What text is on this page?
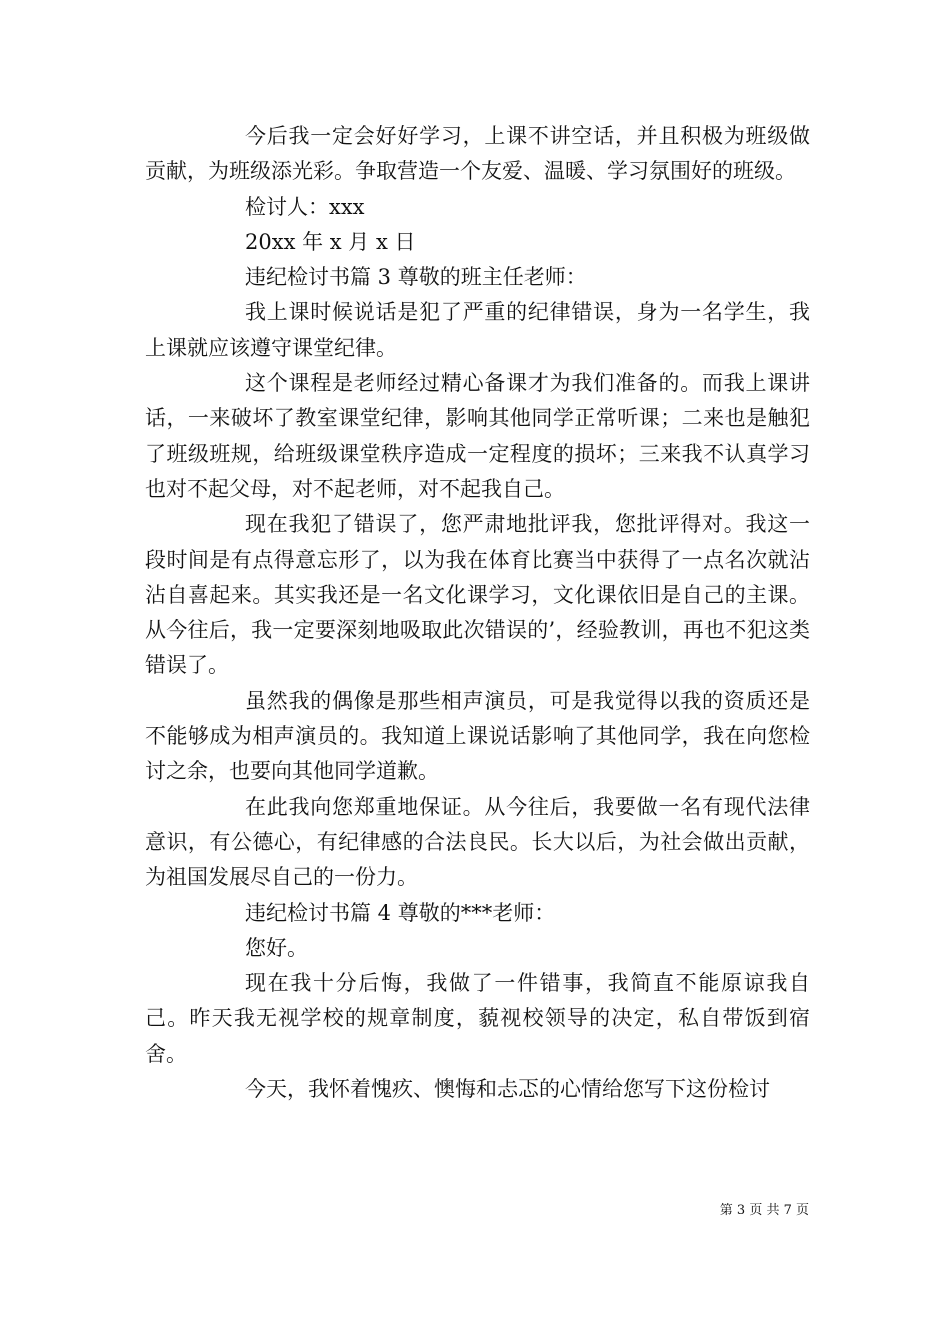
今后我一定会好好学习，上课不讲空话，并且积极为班级做贡献，为班级添光彩。争取营造一个友爱、温暖、学习氛围好的班级。

检讨人：xxx

20xx 年 x 月 x 日

违纪检讨书篇 3 尊敬的班主任老师：

我上课时候说话是犯了严重的纪律错误，身为一名学生，我上课就应该遵守课堂纪律。

这个课程是老师经过精心备课才为我们准备的。而我上课讲话，一来破坏了教室课堂纪律，影响其他同学正常听课；二来也是触犯了班级班规，给班级课堂秩序造成一定程度的损坏；三来我不认真学习也对不起父母，对不起老师，对不起我自己。

现在我犯了错误了，您严肃地批评我，您批评得对。我这一段时间是有点得意忘形了，以为我在体育比赛当中获得了一点名次就沾沾自喜起来。其实我还是一名文化课学习，文化课依旧是自己的主课。从今往后，我一定要深刻地吸取此次错误的’，经验教训，再也不犯这类错误了。

虽然我的偶像是那些相声演员，可是我觉得以我的资质还是不能够成为相声演员的。我知道上课说话影响了其他同学，我在向您检讨之余，也要向其他同学道歉。

在此我向您郑重地保证。从今往后，我要做一名有现代法律意识，有公德心，有纪律感的合法良民。长大以后，为社会做出贡献，为祖国发展尽自己的一份力。

违纪检讨书篇 4 尊敬的***老师：

您好。

现在我十分后悔，我做了一件错事，我简直不能原谅我自己。昨天我无视学校的规章制度，藐视校领导的决定，私自带饭到宿舍。

今天，我怀着愧疚、懊悔和忐忑的心情给您写下这份检讨

第 3 页 共 7 页
